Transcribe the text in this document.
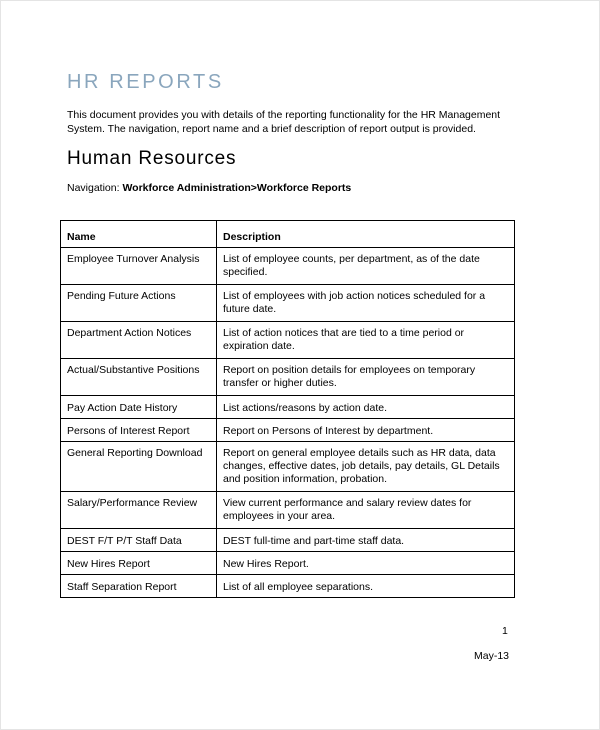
HR REPORTS

This document provides you with details of the reporting functionality for the HR Management System. The navigation, report name and a brief description of report output is provided.

Human Resources

Navigation: Workforce Administration>Workforce Reports

Name	Description
Employee Turnover Analysis	List of employee counts, per department, as of the date specified.
Pending Future Actions	List of employees with job action notices scheduled for a future date.
Department Action Notices	List of action notices that are tied to a time period or expiration date.
Actual/Substantive Positions	Report on position details for employees on temporary transfer or higher duties.
Pay Action Date History	List actions/reasons by action date.
Persons of Interest Report	Report on Persons of Interest by department.
General Reporting Download	Report on general employee details such as HR data, data changes, effective dates, job details, pay details, GL Details and position information, probation.
Salary/Performance Review	View current performance and salary review dates for employees in your area.
DEST F/T P/T Staff Data	DEST full-time and part-time staff data.
New Hires Report	New Hires Report.
Staff Separation Report	List of all employee separations.
1
May-13
